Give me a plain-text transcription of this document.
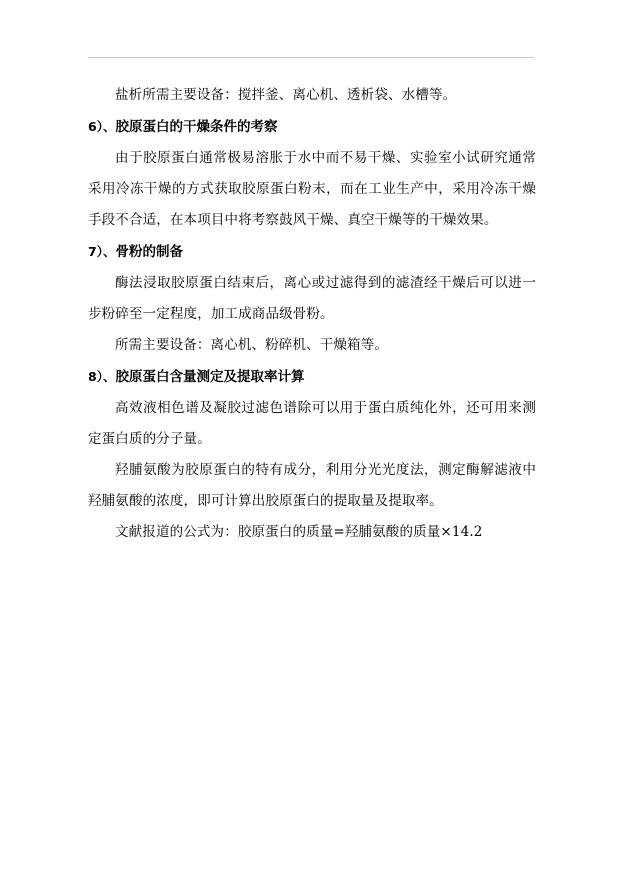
盐析所需主要设备：搅拌釜、离心机、透析袋、水槽等。

6）、胶原蛋白的干燥条件的考察

由于胶原蛋白通常极易溶胀于水中而不易干燥、实验室小试研究通常采用冷冻干燥的方式获取胶原蛋白粉末，而在工业生产中，采用冷冻干燥手段不合适，在本项目中将考察鼓风干燥、真空干燥等的干燥效果。

7）、骨粉的制备

酶法浸取胶原蛋白结束后，离心或过滤得到的滤渣经干燥后可以进一步粉碎至一定程度，加工成商品级骨粉。

所需主要设备：离心机、粉碎机、干燥箱等。

8）、胶原蛋白含量测定及提取率计算

高效液相色谱及凝胶过滤色谱除可以用于蛋白质纯化外，还可用来测定蛋白质的分子量。

羟脯氨酸为胶原蛋白的特有成分，利用分光光度法，测定酶解滤液中羟脯氨酸的浓度，即可计算出胶原蛋白的提取量及提取率。

文献报道的公式为：胶原蛋白的质量=羟脯氨酸的质量×14.2
